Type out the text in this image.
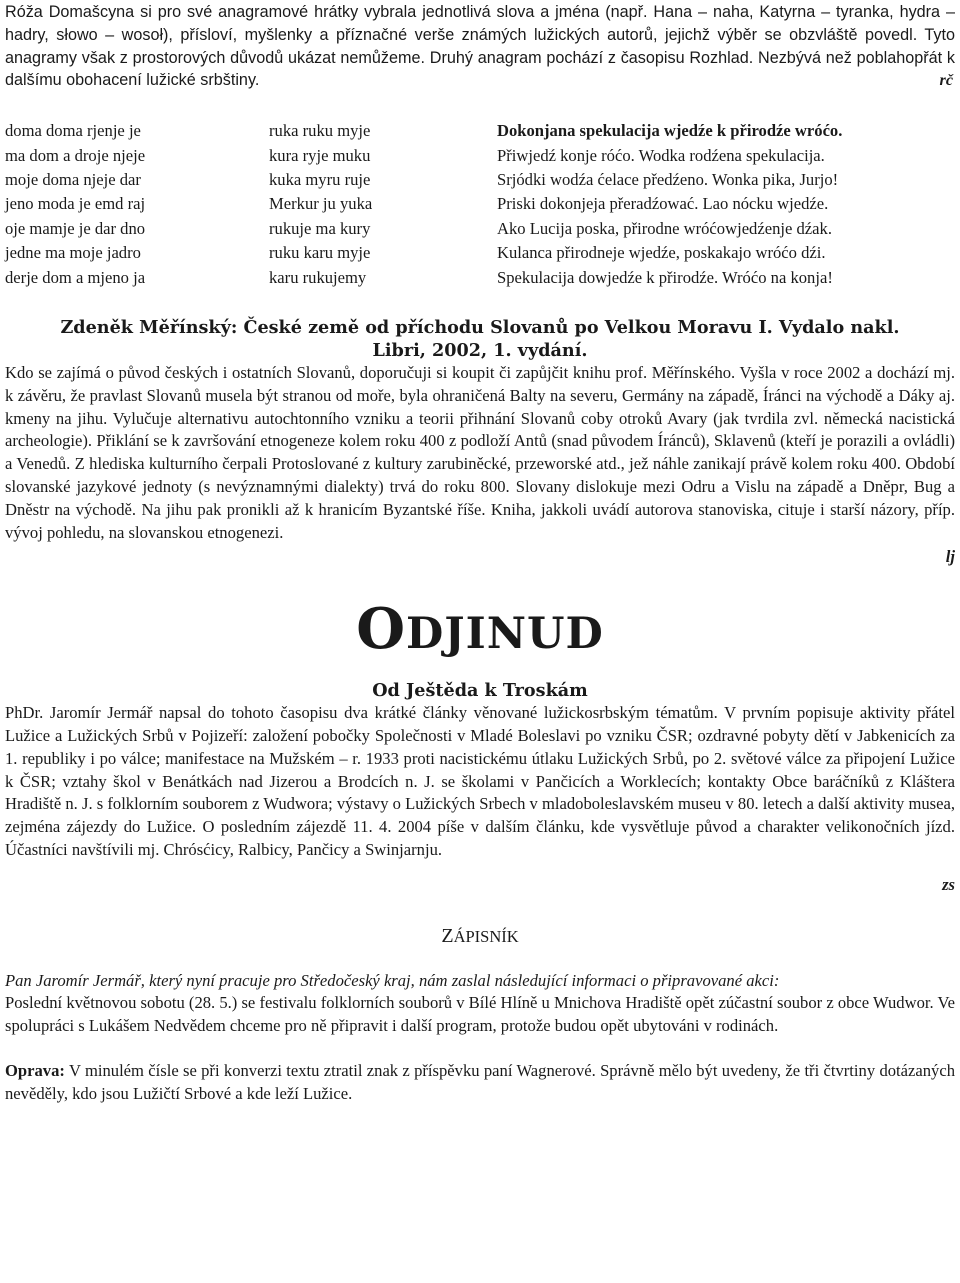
Róža Domašcyna si pro své anagramové hrátky vybrala jednotlivá slova a jména (např. Hana – naha, Katyrna – tyranka, hydra – hadry, słowo – wosoł), přísloví, myšlenky a příznačné verše známých lužických autorů, jejichž výběr se obzvláště povedl. Tyto anagramy však z prostorových důvodů ukázat nemůžeme. Druhý anagram pochází z časopisu Rozhlad. Nezbývá než poblahopřát k dalšímu obohacení lužické srbštiny.	rč

doma doma rjenje je
ma dom a droje njeje
moje doma njeje dar
jeno moda je emd raj
oje mamje je dar dno
jedne ma moje jadro
derje dom a mjeno ja
ruka ruku myje
kura ryje muku
kuka myru ruje
Merkur ju yuka
rukuje ma kury
ruku karu myje
karu rukujemy
Dokonjana spekulacija wjedźe k přirodźe wróćo.
Přiwjedź konje róćo. Wodka rodźena spekulacija.
Srjódki wodźa ćelace předźeno. Wonka pika, Jurjo!
Priski dokonjeja přeradźować. Lao nócku wjedźe.
Ako Lucija poska, přirodne wróćowjedźenje dźak.
Kulanca přirodneje wjedźe, poskakajo wróćo dźi.
Spekulacija dowjedźe k přirodźe. Wróćo na konja!
Zdeněk Měřínský: České země od příchodu Slovanů po Velkou Moravu I. Vydalo nakl.
Libri, 2002, 1. vydání.

Kdo se zajímá o původ českých i ostatních Slovanů, doporučuji si koupit či zapůjčit knihu prof. Měřínského. Vyšla v roce 2002 a dochází mj. k závěru, že pravlast Slovanů musela být stranou od moře, byla ohraničená Balty na severu, Germány na západě, Íránci na východě a Dáky aj. kmeny na jihu. Vylučuje alternativu autochtonního vzniku a teorii přihnání Slovanů coby otroků Avary (jak tvrdila zvl. německá nacistická archeologie). Přiklání se k završování etnogeneze kolem roku 400 z podloží Antů (snad původem Íránců), Sklavenů (kteří je porazili a ovládli) a Venedů. Z hlediska kulturního čerpali Protoslované z kultury zarubiněcké, przeworské atd., jež náhle zanikají právě kolem roku 400. Období slovanské jazykové jednoty (s nevýznamnými dialekty) trvá do roku 800. Slovany dislokuje mezi Odru a Vislu na západě a Dněpr, Bug a Dněstr na východě. Na jihu pak pronikli až k hranicím Byzantské říše. Kniha, jakkoli uvádí autorova stanoviska, cituje i starší názory, příp. vývoj pohledu, na slovanskou etnogenezi.

lj
ODJINUD
Od Ještěda k Troskám

PhDr. Jaromír Jermář napsal do tohoto časopisu dva krátké články věnované lužickosrbským tématům. V prvním popisuje aktivity přátel Lužice a Lužických Srbů v Pojizeří: založení pobočky Společnosti v Mladé Boleslavi po vzniku ČSR; ozdravné pobyty dětí v Jabkenicích za 1. republiky i po válce; manifestace na Mužském – r. 1933 proti nacistickému útlaku Lužických Srbů, po 2. světové válce za připojení Lužice k ČSR; vztahy škol v Benátkách nad Jizerou a Brodcích n. J. se školami v Pančicích a Worklecích; kontakty Obce baráčníků z Kláštera Hradiště n. J. s folklorním souborem z Wudwora; výstavy o Lužických Srbech v mladoboleslavském museu v 80. letech a další aktivity musea, zejména zájezdy do Lužice. O posledním zájezdě 11. 4. 2004 píše v dalším článku, kde vysvětluje původ a charakter velikonočních jízd. Účastníci navštívili mj. Chrósćicy, Ralbicy, Pančicy a Swinjarnju.

zs
ZÁPISNÍK

Pan Jaromír Jermář, který nyní pracuje pro Středočeský kraj, nám zaslal následující informaci o připravované akci:

Poslední květnovou sobotu (28. 5.) se festivalu folklorních souborů v Bílé Hlíně u Mnichova Hradiště opět zúčastní soubor z obce Wudwor. Ve spolupráci s Lukášem Nedvědem chceme pro ně připravit i další program, protože budou opět ubytováni v rodinách.

Oprava: V minulém čísle se při konverzi textu ztratil znak z příspěvku paní Wagnerové. Správně mělo být uvedeny, že tři čtvrtiny dotázaných nevěděly, kdo jsou Lužičtí Srbové a kde leží Lužice.
